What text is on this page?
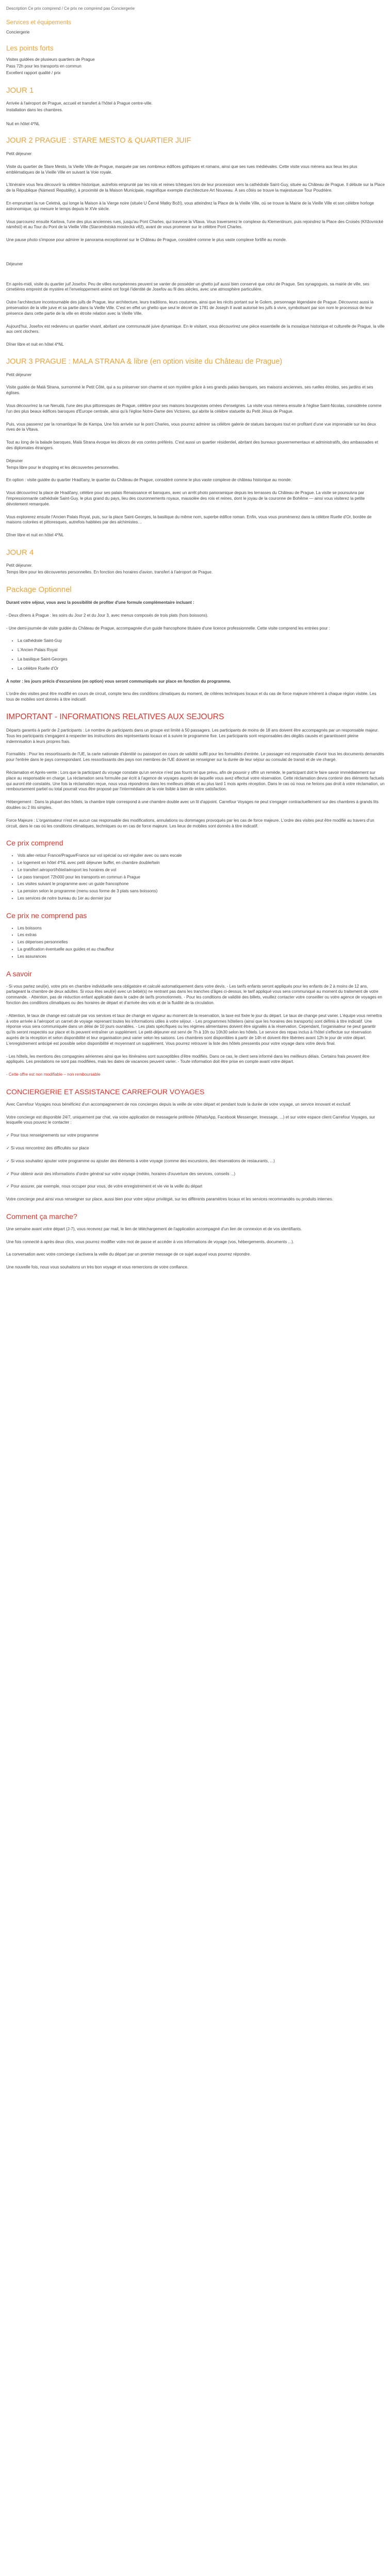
Description Ce prix comprend / Ce prix ne comprend pas Conciergerie
Services et équipements
Conciergerie
Les points forts
Visites guidées de plusieurs quartiers de Prague
Pass 72h pour les transports en commun
Excellent rapport qualité / prix
JOUR 1
Arrivée à l'aéroport de Prague, accueil et transfert à l'hôtel à Prague centre-ville.
Installation dans les chambres.
Nuit en hôtel 4*NL
JOUR 2 PRAGUE : STARE MESTO & QUARTIER JUIF
Petit déjeuner
Visite du quartier de Stare Mesto, la Vieille Ville de Prague, marquée par ses nombreux édifices gothiques et romans, ainsi que ses rues médiévales. Cette visite vous mènera aux lieux les plus emblématiques de la Vieille Ville en suivant la Voie royale.
L'itinéraire vous fera découvrir la célèbre historique, autrefois emprunté par les rois et reines tchèques lors de leur procession vers la cathédrale Saint-Guy, située au Château de Prague. Il débute sur la Place de la République (Námestí Republiky), à proximité de la Maison Municipale, magnifique exemple d'architecture Art Nouveau. À ses côtés se trouve la majestueuse Tour Poudrière.
En empruntant la rue Celetná, qui longe la Maison à la Vierge noire (située U Černé Matky Boží), vous atteindrez la Place de la Vieille Ville, où se trouve la Mairie de la Vieille Ville et son célèbre horloge astronomique, qui mesure le temps depuis le XVe siècle.
Vous parcourez ensuite Karlova, l'une des plus anciennes rues, jusqu'au Pont Charles, qui traverse la Vltava. Vous traverserez le complexe du Klementinum, puis rejoindrez la Place des Croisés (Křižovnické náměstí) et au Tour du Pont de la Vieille Ville (Staroměstská mostecká věž), avant de vous promener sur le célèbre Pont Charles.
Une pause photo s'impose pour admirer le panorama exceptionnel sur le Château de Prague, considéré comme le plus vaste complexe fortifié au monde.
Déjeuner
En après-midi, visite du quartier juif Josefov. Peu de villes européennes peuvent se vanter de posséder un ghetto juif aussi bien conservé que celui de Prague. Ses synagogues, sa mairie de ville, ses cimetières empreint de mystère et l'enveloppement animé ont forgé l'identité de Josefov au fil des siècles, avec une atmosphère particulière.
Outre l'architecture incontournable des juifs de Prague, leur architecture, leurs traditions, leurs coutumes, ainsi que les récits portant sur le Golem, personnage légendaire de Prague. Découvrez aussi la préservation de la ville juive et sa partie dans la Vieille Ville. C'est en effet un ghetto que seul le décret de 1781 de Joseph II avait autorisé les juifs à vivre, symbolisant par son nom le processus de leur présence dans cette partie de la ville en étroite relation avec la Vieille Ville.
Aujourd'hui, Josefov est redevenu un quartier vivant, abritant une communauté juive dynamique. En le visitant, vous découvrirez une pièce essentielle de la mosaïque historique et culturelle de Prague, la ville aux cent clochers.
Dîner libre et nuit en hôtel 4*NL
JOUR 3 PRAGUE : MALA STRANA & libre (en option visite du Château de Prague)
Petit déjeuner
Visite guidée de Malá Strana, surnommé le Petit Côté, qui a su préserver son charme et son mystère grâce à ses grands palais baroques, ses maisons anciennes, ses ruelles étroites, ses jardins et ses églises.
Vous découvrirez la rue Nerudá, l'une des plus pittoresques de Prague, célèbre pour ses maisons bourgeoises ornées d'enseignes. La visite vous mènera ensuite à l'église Saint-Nicolas, considérée comme l'un des plus beaux édifices baroques d'Europe centrale, ainsi qu'à l'église Notre-Dame des Victoires, qui abrite la célèbre statuette du Petit Jésus de Prague.
Puis, vous passerez par la romantique île de Kampa. Une fois arrivée sur le pont Charles, vous pourrez admirer sa célèbre galerie de statues baroques tout en profitant d'une vue imprenable sur les deux rives de la Vltava.
Tout au long de la balade baroques, Malá Strana évoque les décors de vos contes préférés. C'est aussi un quartier résidentiel, abritant des bureaux gouvernementaux et administratifs, des ambassades et des diplomates étrangers.
Déjeuner
Temps libre pour le shopping et les découvertes personnelles.
En option : visite guidée du quartier Hradčany, le quartier du Château de Prague, considéré comme le plus vaste complexe de château historique au monde.
Vous découvrirez la place de Hradčany, célèbre pour ses palais Renaissance et baroques, avec un arrêt photo panoramique depuis les terrasses du Château de Prague. La visite se poursuivra par l'impressionnante cathédrale Saint-Guy, le plus grand du pays, lieu des couronnements royaux, mausolée des rois et reines, dont le joyau de la couronne de Bohême — ainsi vous visiterez la petite dévotement remarquée.
Vous explorerez ensuite l'Ancien Palais Royal, puis, sur la place Saint-Georges, la basilique du même nom, superbe édifice roman. Enfin, vous vous promènerez dans la célèbre Ruelle d'Or, bordée de maisons colorées et pittoresques, autrefois habitées par des alchimistes…
Dîner libre et nuit en hôtel 4*NL
JOUR 4
Petit déjeuner.
Temps libre pour les découvertes personnelles. En fonction des horaires d'avion, transfert à l'aéroport de Prague.
Package Optionnel
Durant votre séjour, vous avez la possibilité de profiter d'une formule complémentaire incluant :
- Deux dîners à Prague : les soirs du Jour 2 et du Jour 3, avec menus composés de trois plats (hors boissons).
- Une demi-journée de visite guidée du Château de Prague, accompagnée d'un guide francophone titulaire d'une licence professionnelle. Cette visite comprend les entrées pour :
• La cathédrale Saint-Guy
• L'Ancien Palais Royal
• La basilique Saint-Georges
• La célèbre Ruelle d'Or
À noter : les jours précis d'excursions (en option) vous seront communiqués sur place en fonction du programme.
L'ordre des visites peut être modifié en cours de circuit, compte tenu des conditions climatiques du moment, de critères techniques locaux et du cas de force majeure inhérent à chaque région visitée. Les tous de mobiles sont donnés à titre indicatif.
IMPORTANT - INFORMATIONS RELATIVES AUX SEJOURS
Départs garantis à partir de 2 participants : Le nombre de participants dans un groupe est limité à 50 passagers. Les participants de moins de 18 ans doivent être accompagnés par un responsable majeur. Tous les participants s'engagent à respecter les instructions des représentants locaux et à suivre le programme fixe. Les participants sont responsables des dégâts causés et garantissent pleine indemnisation à leurs propres frais.
Formalités : Pour les ressortissants de l'UE, la carte nationale d'identité ou passeport en cours de validité suffit pour les formalités d'entrée. Le passager est responsable d'avoir tous les documents demandés pour l'entrée dans le pays correspondant. Les ressortissants des pays non membres de l'UE doivent se renseigner sur la durée de leur séjour au consulat de transit et de vie chargé.
Réclamation et Après-vente : Lors que la participant du voyage constate qu'un service n'est pas fourni tel que prévu, afin de pouvoir y offrir un remède, le participant doit le faire savoir immédiatement sur place au responsable en charge. La réclamation sera formulée par écrit à l'agence de voyages auprès de laquelle vous avez effectué votre réservation. Cette réclamation devra contenir des éléments factuels qui auront été constatés. Une fois la réclamation reçue, nous vous répondrons dans les meilleurs délais et au plus tard 1 mois après réception. Dans le cas où nous ne ferions pas droit à votre réclamation, un remboursement partiel ou total pourrait vous être proposé par l'intermédiaire de la voie lisible à bien de votre satisfaction.
Hébergement : Dans la plupart des hôtels, la chambre triple correspond à une chambre double avec un lit d'appoint. Carrefour Voyages ne peut s'engager contractuellement sur des chambres à grands lits doubles ou 2 lits simples.
Force Majeure : L'organisateur n'est en aucun cas responsable des modifications, annulations ou dommages provoqués par les cas de force majeure. L'ordre des visites peut être modifié au travers d'un circuit, dans le cas où les conditions climatiques, techniques ou en cas de force majeure. Les lieux de mobiles sont donnés à titre indicatif.
Ce prix comprend
• Vols aller-retour France/Prague/France sur vol spécial ou vol régulier avec ou sans escale
• Le logement en hôtel 4*NL avec petit déjeuner buffet, en chambre double/twin
• Le transfert aéroport/hôtel/aéroport les horaires de vol
• Le pass transport 72h000 pour les transports en commun à Prague
• Les visites suivant le programme avec un guide francophone
• La pension selon le programme (menu sous forme de 3 plats sans boissons)
• Les services de notre bureau du 1er au dernier jour
Ce prix ne comprend pas
• Les boissons
• Les extras
• Les dépenses personnelles
• La gratification éventuelle aux guides et au chauffeur
• Les assurances
A savoir
- Si vous partez seul(e), votre prix en chambre individuelle sera obligatoire et calculé automatiquement dans votre devis. - Les tarifs enfants seront appliqués pour les enfants de 2 à moins de 12 ans, partageant la chambre de deux adultes. Si vous êtes seul(e) avec un bébé(s) ne rentrant pas dans les tranches d'âges ci-dessus, le tarif appliqué vous sera communiqué au moment du traitement de votre commande. - Attention, pas de réduction enfant applicable dans le cadre de tarifs promotionnels. - Pour les conditions de validité des billets, veuillez contacter votre conseiller ou votre agence de voyages en fonction des conditions climatiques ou des horaires de départ et d'arrivée des vols et de la fluidité de la circulation.
- Attention, le taux de change est calculé par vos services et taux de change en vigueur au moment de la reservation, la taxe est fixée le jour du départ. Le taux de change peut varier. L'équipe vous remettra à votre arrivée à l'aéroport un carnet de voyage reprenant toutes les informations utiles à votre séjour. - Les programmes hôteliers (ainsi que les horaires des transports) sont définis à titre indicatif. Une réponse vous sera communiquée dans un délai de 10 jours ouvrables. - Les plats spécifiques ou les régimes alimentaires doivent être signalés à la réservation. Cependant, l'organisateur ne peut garantir qu'ils seront respectés sur place et ils peuvent entraîner un supplément. Le petit-déjeuner est servi de 7h à 10h ou 10h30 selon les hôtels. Le service des repas inclus à l'hôtel s'effectue sur réservation auprès de la réception et selon disponibilité et leur organisation peut varier selon les saisons. Les chambres sont disponibles à partir de 14h et doivent être libérées avant 12h le jour de votre départ. L'enregistrement anticipé est possible selon disponibilité et moyennant un supplément. Vous pourrez retrouver la liste des hôtels pressentis pour votre voyage dans votre devis final.
- Les hôtels, les mentions des compagnies aériennes ainsi que les itinéraires sont susceptibles d'être modifiés. Dans ce cas, le client sera informé dans les meilleurs délais. Certains frais peuvent être appliqués. Les prestations ne sont pas modifiées, mais les dates de vacances peuvent varier. - Toute information doit être prise en compte avant votre départ.
- Cette offre est non modifiable – non remboursable
CONCIERGERIE ET ASSISTANCE CARREFOUR VOYAGES
Avec Carrefour Voyages nous bénéficiez d'un accompagnement de nos concierges depuis la veille de votre départ et pendant toute la durée de votre voyage, un service innovant et exclusif.
Votre concierge est disponible 24/7, uniquement par chat, via votre application de messagerie préférée (WhatsApp, Facebook Messenger, Imessage, ...) et sur votre espace client Carrefour Voyages, sur lesquelle vous pouvez le contacter :
✓ Pour tous renseignements sur votre programme
✓ Si vous rencontrez des difficultés sur place
✓ Si vous souhaitez ajouter votre programme ou ajouter des éléments à votre voyage (comme des excursions, des réservations de restaurants, ...)
✓ Pour obtenir avoir des informations d'ordre général sur votre voyage (météo, horaires d'ouverture des services, conseils ...)
✓ Pour assurer, par exemple, nous occuper pour vous, de votre enregistrement et vie vie la veille du départ
Votre concierge peut ainsi vous renseigner sur place, aussi bien pour votre séjour privilégié, sur les différents paramètres locaux et les services recommandés ou produits internes.
Comment ça marche?
Une semaine avant votre départ (J-7), vous recevrez par mail, le lien de téléchargement de l'application accompagné d'un lien de connexion et de vos identifiants.
Une fois connecté à après deux clics, vous pourrez modifier votre mot de passe et accéder à vos informations de voyage (vos, hébergements, documents ...).
La conversation avec votre concierge s'activera la veille du départ par un premier message de ce sujet auquel vous pourrez répondre.
Une nouvelle fois, nous vous souhaitons un très bon voyage et vous remercions de votre confiance.
